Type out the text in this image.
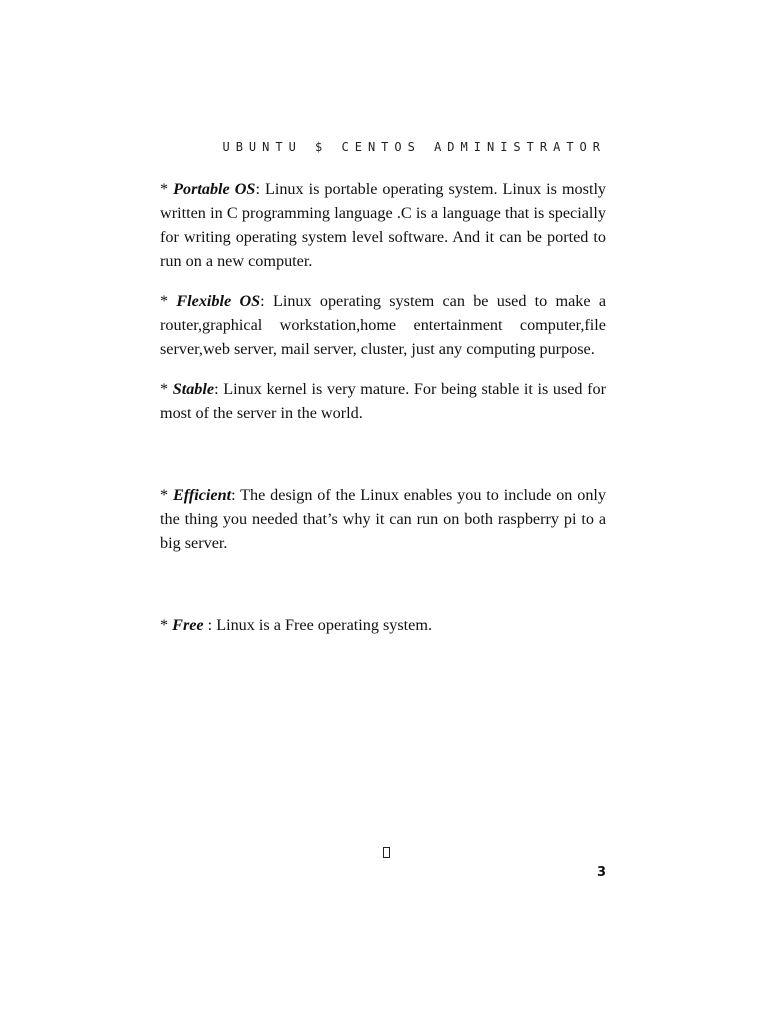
UBUNTU $ CENTOS ADMINISTRATOR

* Portable OS: Linux is portable operating system. Linux is mostly written in C programming language .C is a language that is specially for writing operating system level software. And it can be ported to run on a new computer.

* Flexible OS: Linux operating system can be used to make a router,graphical workstation,home entertainment computer,file server,web server, mail server, cluster, just any computing purpose.

* Stable: Linux kernel is very mature. For being stable it is used for most of the server in the world.

* Efficient: The design of the Linux enables you to include on only the thing you needed that’s why it can run on both raspberry pi to a big server.

* Free : Linux is a Free operating system.

3
